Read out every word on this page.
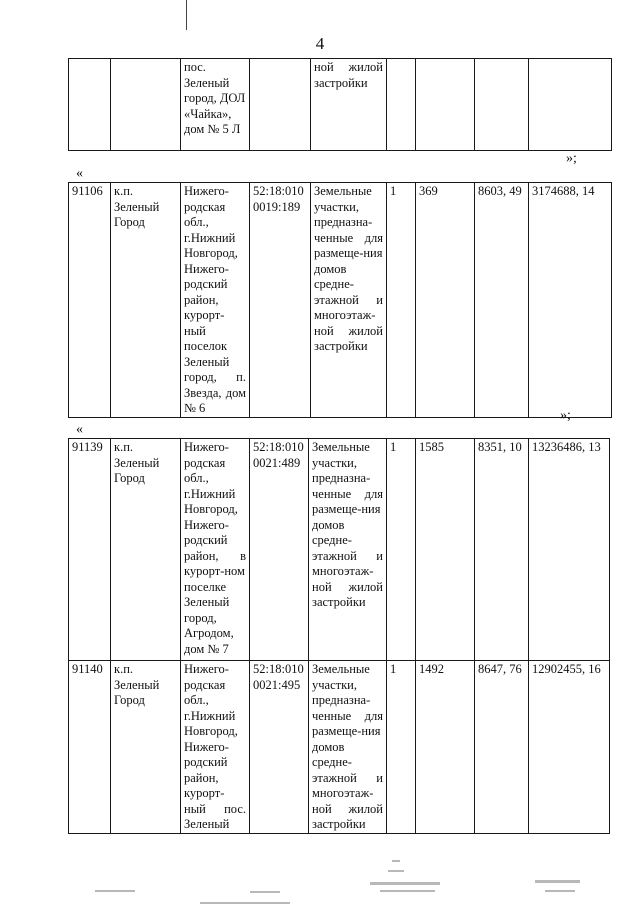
4
		пос. Зеленый город, ДОЛ «Чайка», дом № 5 Л		ной жилой застройки				
»;
«
91106	к.п. Зеленый Город	Нижего-родская обл., г.Нижний Новгород, Нижего-родский район, курорт-ный поселок Зеленый город, п. Звезда, дом № 6	52:18:010 0019:189	Земельные участки, предназна-ченные для размеще-ния домов средне-этажной и многоэтаж-ной жилой застройки	1	369	8603, 49	3174688, 14
»;
«
91139	к.п. Зеленый Город	Нижего-родская обл., г.Нижний Новгород, Нижего-родский район, в курорт-ном поселке Зеленый город, Агродом, дом № 7	52:18:010 0021:489	Земельные участки, предназна-ченные для размеще-ния домов средне-этажной и многоэтаж-ной жилой застройки	1	1585	8351, 10	13236486, 13
91140	к.п. Зеленый Город	Нижего-родская обл., г.Нижний Новгород, Нижего-родский район, курорт-ный пос. Зеленый	52:18:010 0021:495	Земельные участки, предназна-ченные для размеще-ния домов средне-этажной и многоэтаж-ной жилой застройки	1	1492	8647, 76	12902455, 16
